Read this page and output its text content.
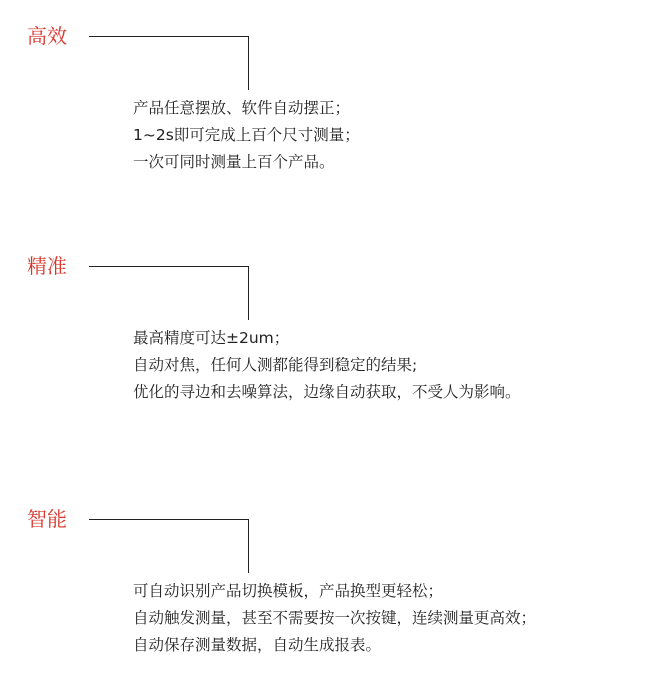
高效
产品任意摆放、软件自动摆正；
1~2s即可完成上百个尺寸测量；
一次可同时测量上百个产品。
精准
最高精度可达±2um；
自动对焦，任何人测都能得到稳定的结果;
优化的寻边和去噪算法，边缘自动获取，不受人为影响。
智能
可自动识别产品切换模板，产品换型更轻松；
自动触发测量，甚至不需要按一次按键，连续测量更高效；
自动保存测量数据，自动生成报表。
